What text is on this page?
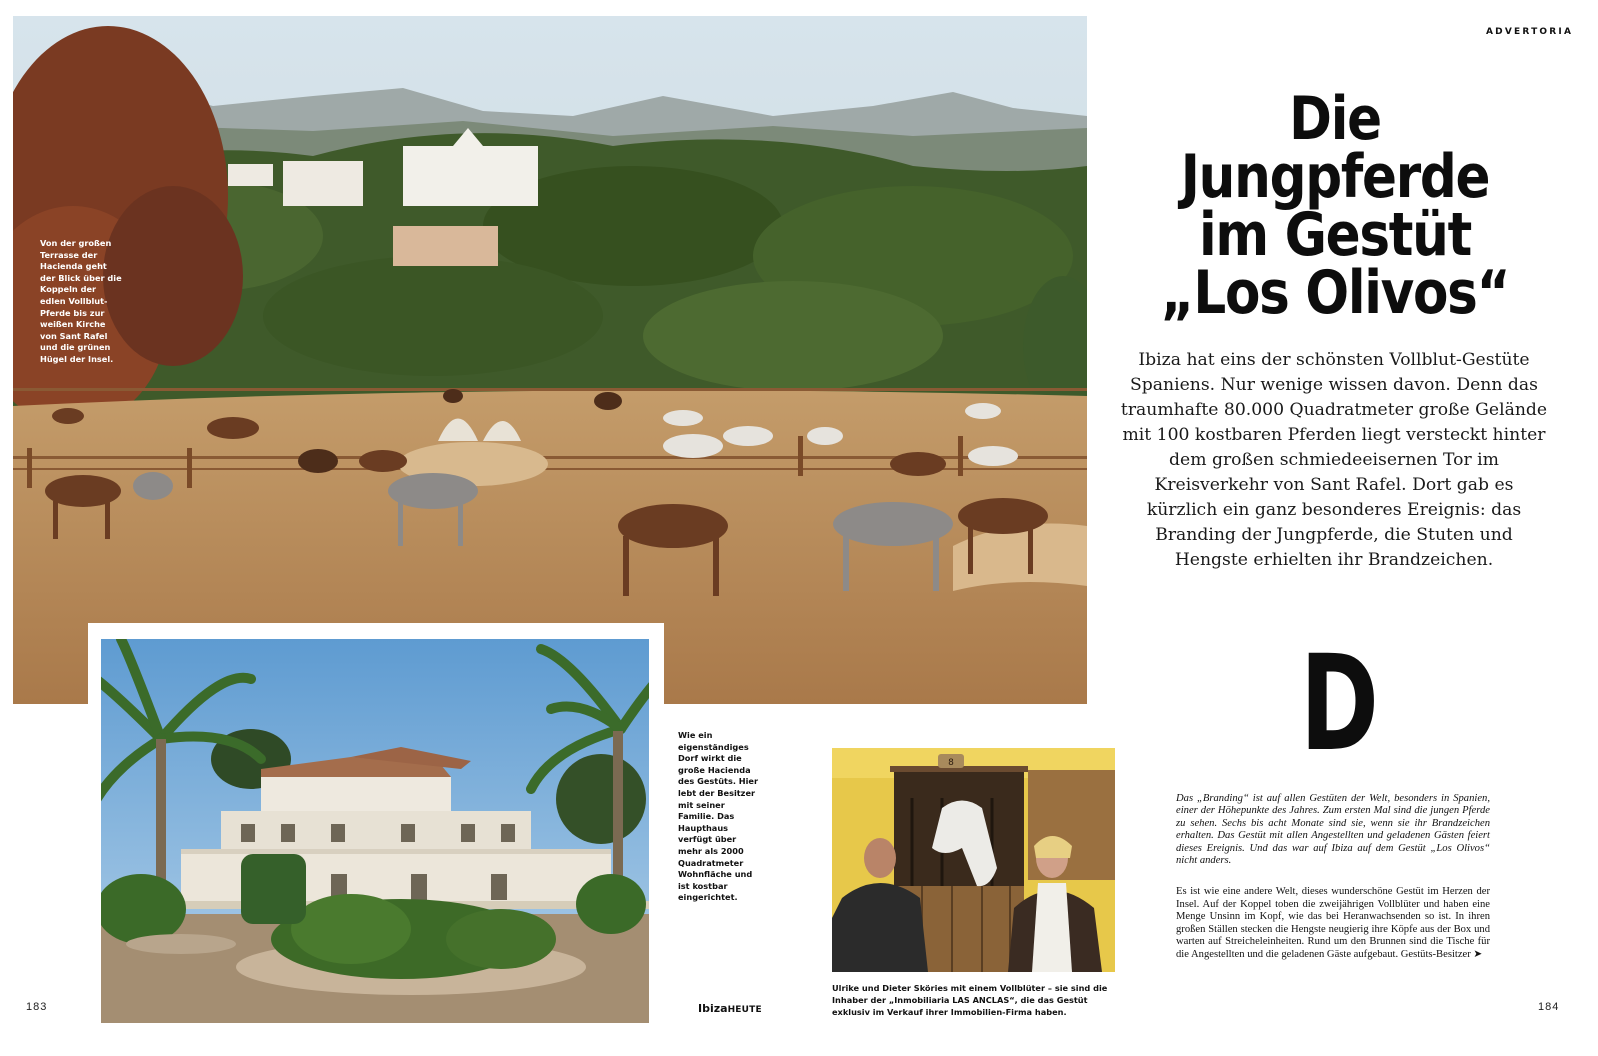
Von der großen Terrasse der Hacienda geht der Blick über die Koppeln der edlen Vollblut-Pferde bis zur weißen Kirche von Sant Rafel und die grünen Hügel der Insel.
Wie ein eigenständiges Dorf wirkt die große Hacienda des Gestüts. Hier lebt der Besitzer mit seiner Familie. Das Haupthaus verfügt über mehr als 2000 Quadratmeter Wohnfläche und ist kostbar eingerichtet.
8
Ulrike und Dieter Sköries mit einem Vollblüter – sie sind die Inhaber der „Inmobiliaria LAS ANCLAS“, die das Gestüt exklusiv im Verkauf ihrer Immobilien-Firma haben.
ADVERTORIA
Die
Jungpferde
im Gestüt
„Los Olivos“

Ibiza hat eins der schönsten Vollblut-Gestüte Spaniens. Nur wenige wissen davon. Denn das traumhafte 80.000 Quadratmeter große Gelände mit 100 kostbaren Pferden liegt versteckt hinter dem großen schmiedeeisernen Tor im Kreisverkehr von Sant Rafel. Dort gab es kürzlich ein ganz besonderes Ereignis: das Branding der Jungpferde, die Stuten und Hengste erhielten ihr Brandzeichen.

D

Das „Branding“ ist auf allen Gestüten der Welt, besonders in Spanien, einer der Höhepunkte des Jahres. Zum ersten Mal sind die jungen Pferde zu sehen. Sechs bis acht Monate sind sie, wenn sie ihr Brandzeichen erhalten. Das Gestüt mit allen Angestellten und geladenen Gästen feiert dieses Ereignis. Und das war auf Ibiza auf dem Gestüt „Los Olivos“ nicht anders.

Es ist wie eine andere Welt, dieses wunderschöne Gestüt im Herzen der Insel. Auf der Koppel toben die zweijährigen Vollblüter und haben eine Menge Unsinn im Kopf, wie das bei Heranwachsenden so ist. In ihren großen Ställen stecken die Hengste neugierig ihre Köpfe aus der Box und warten auf Streicheleinheiten. Rund um den Brunnen sind die Tische für die Angestellten und die geladenen Gäste aufgebaut. Gestüts-Besitzer ➤

183	IbizaHEUTE	184
